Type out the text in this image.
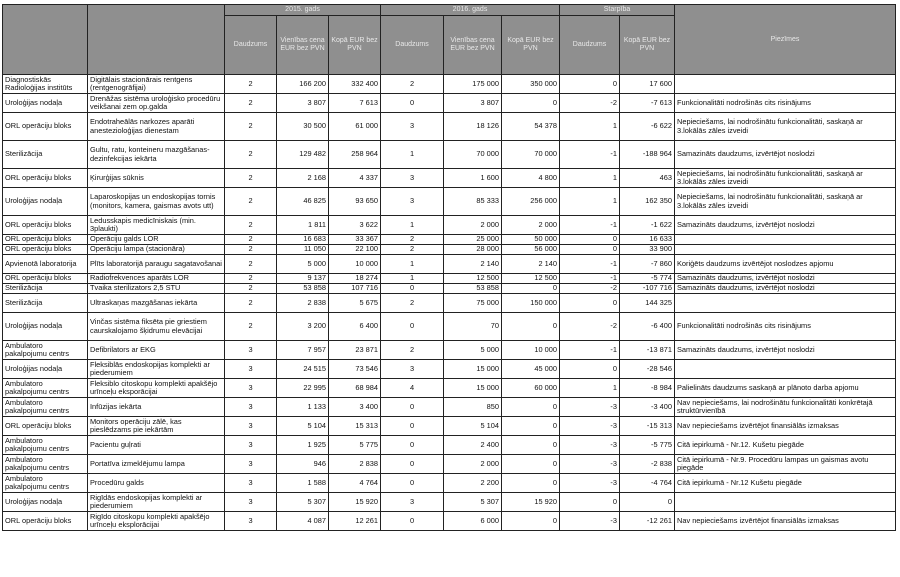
		2015. gads			2016. gads			Starpība		Piezīmes
		Daudzums	Vienības cena EUR bez PVN	Kopā EUR bez PVN	Daudzums	Vienības cena EUR bez PVN	Kopā EUR bez PVN	Daudzums	Kopā EUR bez PVN	
Diagnostiskās Radioloģijas institūts	Digitālais stacionārais rentgens (rentgenogrāfijai)	2	166 200	332 400	2	175 000	350 000	0	17 600	
Uroloģijas nodaļa	Drenāžas sistēma uroloģisko procedūru veikšanai zem op.galda	2	3 807	7 613	0	3 807	0	-2	-7 613	Funkcionalitāti nodrošinās cits risinājums
ORL operāciju bloks	Endotraheālās narkozes aparāti anestezioloģijas dienestam	2	30 500	61 000	3	18 126	54 378	1	-6 622	Nepieciešams, lai nodrošinātu funkcionalitāti, saskaņā ar 3.lokālās zāles izveidi
Sterilizācija	Gultu, ratu, konteineru mazgāšanas-dezinfekcijas iekārta	2	129 482	258 964	1	70 000	70 000	-1	-188 964	Samazināts daudzums, izvērtējot noslodzi
ORL operāciju bloks	Ķirurģijas sūknis	2	2 168	4 337	3	1 600	4 800	1	463	Nepieciešams, lai nodrošinātu funkcionalitāti, saskaņā ar 3.lokālās zāles izveidi
Uroloģijas nodaļa	Laparoskopijas un endoskopijas tornis (monitors, kamera, gaismas avots utt)	2	46 825	93 650	3	85 333	256 000	1	162 350	Nepieciešams, lai nodrošinātu funkcionalitāti, saskaņā ar 3.lokālās zāles izveidi
ORL operāciju bloks	Ledusskapis medicīniskais (min. 3plaukti)	2	1 811	3 622	1	2 000	2 000	-1	-1 622	Samazināts daudzums, izvērtējot noslodzi
ORL operāciju bloks	Operāciju galds LOR	2	16 683	33 367	2	25 000	50 000	0	16 633	
ORL operāciju bloks	Operāciju lampa (stacionāra)	2	11 050	22 100	2	28 000	56 000	0	33 900	
Apvienotā laboratorija	Plīts laboratorijā paraugu sagatavošanai	2	5 000	10 000	1	2 140	2 140	-1	-7 860	Koriģēts daudzums izvērtējot noslodzes apjomu
ORL operāciju bloks	Radiofrekvences aparāts LOR	2	9 137	18 274	1	12 500	12 500	-1	-5 774	Samazināts daudzums, izvērtējot noslodzi
Sterilizācija	Tvaika sterilizators 2,5 STU	2	53 858	107 716	0	53 858	0	-2	-107 716	Samazināts daudzums, izvērtējot noslodzi
Sterilizācija	Ultraskaņas mazgāšanas iekārta	2	2 838	5 675	2	75 000	150 000	0	144 325	
Uroloģijas nodaļa	Vinčas sistēma fiksēta pie griestiem caurskalojamo šķidrumu elevācijai	2	3 200	6 400	0	70	0	-2	-6 400	Funkcionalitāti nodrošinās cits risinājums
Ambulatoro pakalpojumu centrs	Defibrilators ar EKG	3	7 957	23 871	2	5 000	10 000	-1	-13 871	Samazināts daudzums, izvērtējot noslodzi
Uroloģijas nodaļa	Fleksiblās endoskopijas komplekti ar piederumiem	3	24 515	73 546	3	15 000	45 000	0	-28 546	
Ambulatoro pakalpojumu centrs	Fleksiblo citoskopu komplekti apakšējo urīnceļu eksporācijai	3	22 995	68 984	4	15 000	60 000	1	-8 984	Palielināts daudzums saskaņā ar plānoto darba apjomu
Ambulatoro pakalpojumu centrs	Infūzijas iekārta	3	1 133	3 400	0	850	0	-3	-3 400	Nav nepieciešams, lai nodrošinātu funkcionalitāti konkrētajā struktūrvienībā
ORL operāciju bloks	Monitors operāciju zālē, kas pieslēdzams pie iekārtām	3	5 104	15 313	0	5 104	0	-3	-15 313	Nav nepieciešams izvērtējot finansiālās izmaksas
Ambulatoro pakalpojumu centrs	Pacientu guļrati	3	1 925	5 775	0	2 400	0	-3	-5 775	Citā iepirkumā - Nr.12. Kušetu piegāde
Ambulatoro pakalpojumu centrs	Portatīva izmeklējumu lampa	3	946	2 838	0	2 000	0	-3	-2 838	Citā iepirkumā - Nr.9. Procedūru lampas un gaismas avotu piegāde
Ambulatoro pakalpojumu centrs	Procedūru galds	3	1 588	4 764	0	2 200	0	-3	-4 764	Citā iepirkumā - Nr.12 Kušetu piegāde
Uroloģijas nodaļa	Rigīdās endoskopijas komplekti ar piederumiem	3	5 307	15 920	3	5 307	15 920	0	0	
ORL operāciju bloks	Rigīdo citoskopu komplekti apakšējo urīnceļu eksplorācijai	3	4 087	12 261	0	6 000	0	-3	-12 261	Nav nepieciešams izvērtējot finansiālās izmaksas
